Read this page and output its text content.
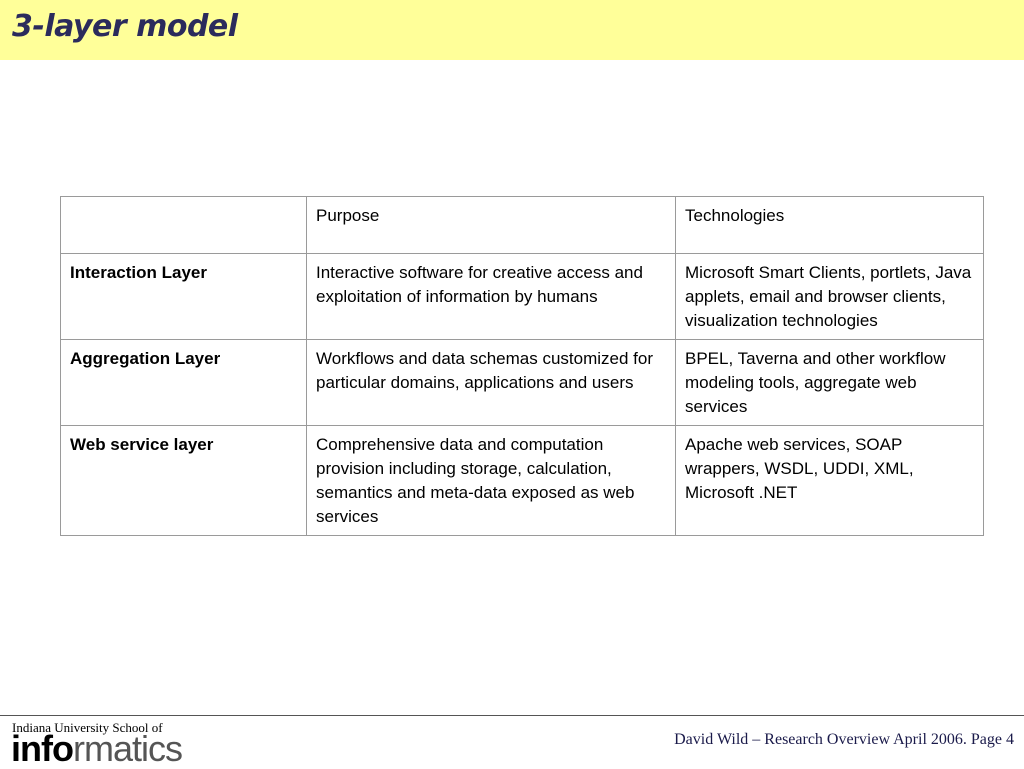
3-layer model
	Purpose	Technologies
Interaction Layer	Interactive software for creative access and exploitation of information by humans	Microsoft Smart Clients, portlets, Java applets, email and browser clients, visualization technologies
Aggregation Layer	Workflows and data schemas customized for particular domains, applications and users	BPEL, Taverna and other workflow modeling tools, aggregate web services
Web service layer	Comprehensive data and computation provision including storage, calculation, semantics and meta-data exposed as web services	Apache web services, SOAP wrappers, WSDL, UDDI, XML, Microsoft .NET
Indiana University School of
informatics	David Wild – Research Overview April 2006. Page 4
